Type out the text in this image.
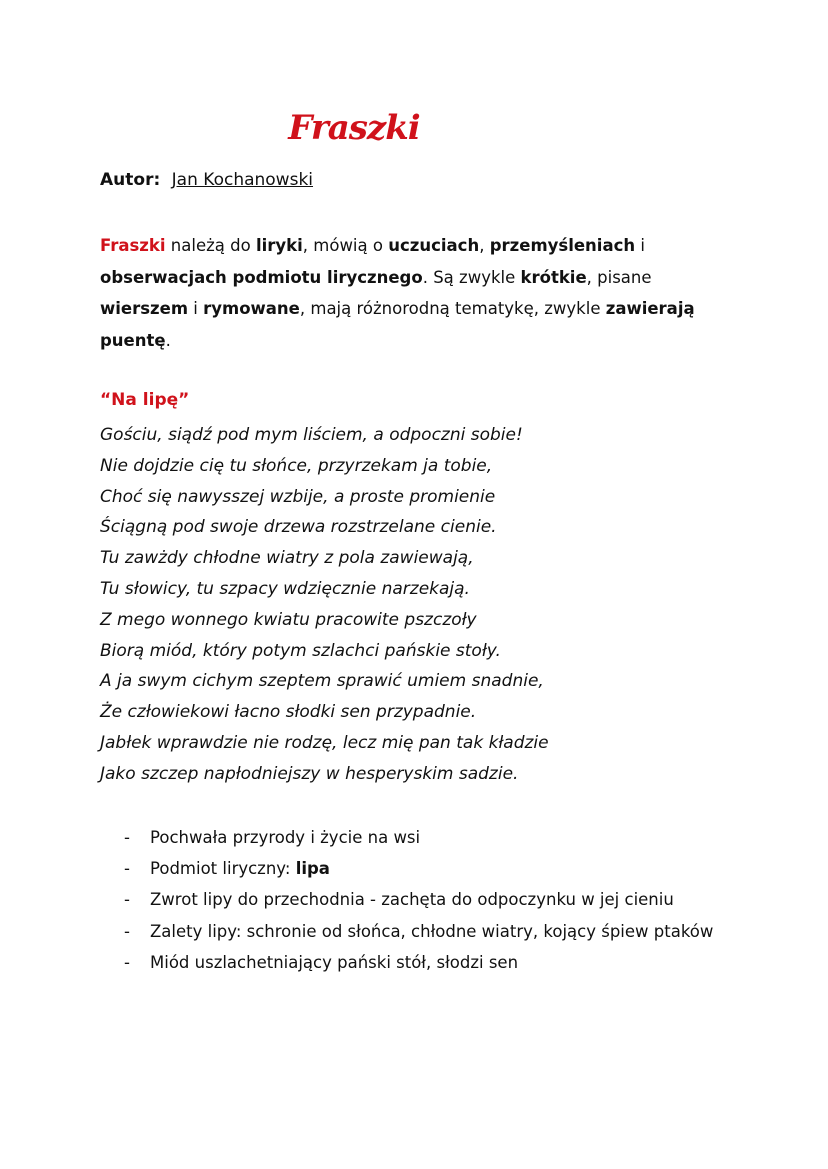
Fraszki
Autor: Jan Kochanowski
Fraszki należą do liryki, mówią o uczuciach, przemyśleniach i
obserwacjach podmiotu lirycznego. Są zwykle krótkie, pisane
wierszem i rymowane, mają różnorodną tematykę, zwykle zawierają
puentę.
“Na lipę”
Gościu, siądź pod mym liściem, a odpoczni sobie!
Nie dojdzie cię tu słońce, przyrzekam ja tobie,
Choć się nawysszej wzbije, a proste promienie
Ściągną pod swoje drzewa rozstrzelane cienie.
Tu zawżdy chłodne wiatry z pola zawiewają,
Tu słowicy, tu szpacy wdzięcznie narzekają.
Z mego wonnego kwiatu pracowite pszczoły
Biorą miód, który potym szlachci pańskie stoły.
A ja swym cichym szeptem sprawić umiem snadnie,
Że człowiekowi łacno słodki sen przypadnie.
Jabłek wprawdzie nie rodzę, lecz mię pan tak kładzie
Jako szczep napłodniejszy w hesperyskim sadzie.
- Pochwała przyrody i życie na wsi
- Podmiot liryczny: lipa
- Zwrot lipy do przechodnia - zachęta do odpoczynku w jej cieniu
- Zalety lipy: schronie od słońca, chłodne wiatry, kojący śpiew ptaków
- Miód uszlachetniający pański stół, słodzi sen
